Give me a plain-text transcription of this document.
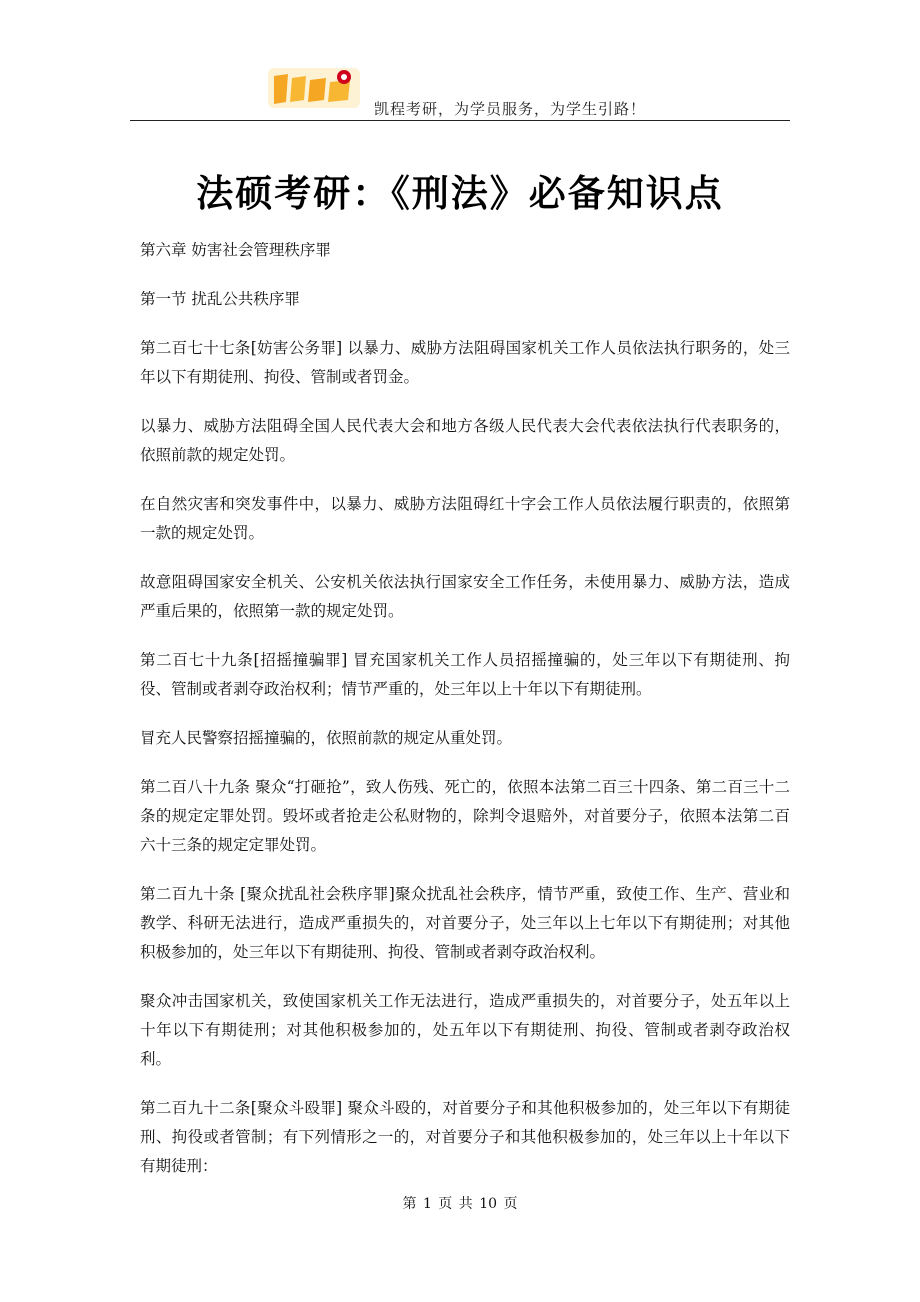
凯程考研，为学员服务，为学生引路！
法硕考研：《刑法》必备知识点

第六章 妨害社会管理秩序罪

第一节 扰乱公共秩序罪

第二百七十七条[妨害公务罪] 以暴力、威胁方法阻碍国家机关工作人员依法执行职务的，处三年以下有期徒刑、拘役、管制或者罚金。

以暴力、威胁方法阻碍全国人民代表大会和地方各级人民代表大会代表依法执行代表职务的，依照前款的规定处罚。

在自然灾害和突发事件中，以暴力、威胁方法阻碍红十字会工作人员依法履行职责的，依照第一款的规定处罚。

故意阻碍国家安全机关、公安机关依法执行国家安全工作任务，未使用暴力、威胁方法，造成严重后果的，依照第一款的规定处罚。

第二百七十九条[招摇撞骗罪] 冒充国家机关工作人员招摇撞骗的，处三年以下有期徒刑、拘役、管制或者剥夺政治权利；情节严重的，处三年以上十年以下有期徒刑。

冒充人民警察招摇撞骗的，依照前款的规定从重处罚。

第二百八十九条 聚众“打砸抢”，致人伤残、死亡的，依照本法第二百三十四条、第二百三十二条的规定定罪处罚。毁坏或者抢走公私财物的，除判令退赔外，对首要分子，依照本法第二百六十三条的规定定罪处罚。

第二百九十条 [聚众扰乱社会秩序罪]聚众扰乱社会秩序，情节严重，致使工作、生产、营业和教学、科研无法进行，造成严重损失的，对首要分子，处三年以上七年以下有期徒刑；对其他积极参加的，处三年以下有期徒刑、拘役、管制或者剥夺政治权利。

聚众冲击国家机关，致使国家机关工作无法进行，造成严重损失的，对首要分子，处五年以上十年以下有期徒刑；对其他积极参加的，处五年以下有期徒刑、拘役、管制或者剥夺政治权利。

第二百九十二条[聚众斗殴罪] 聚众斗殴的，对首要分子和其他积极参加的，处三年以下有期徒刑、拘役或者管制；有下列情形之一的，对首要分子和其他积极参加的，处三年以上十年以下有期徒刑：

第 1 页 共 10 页
